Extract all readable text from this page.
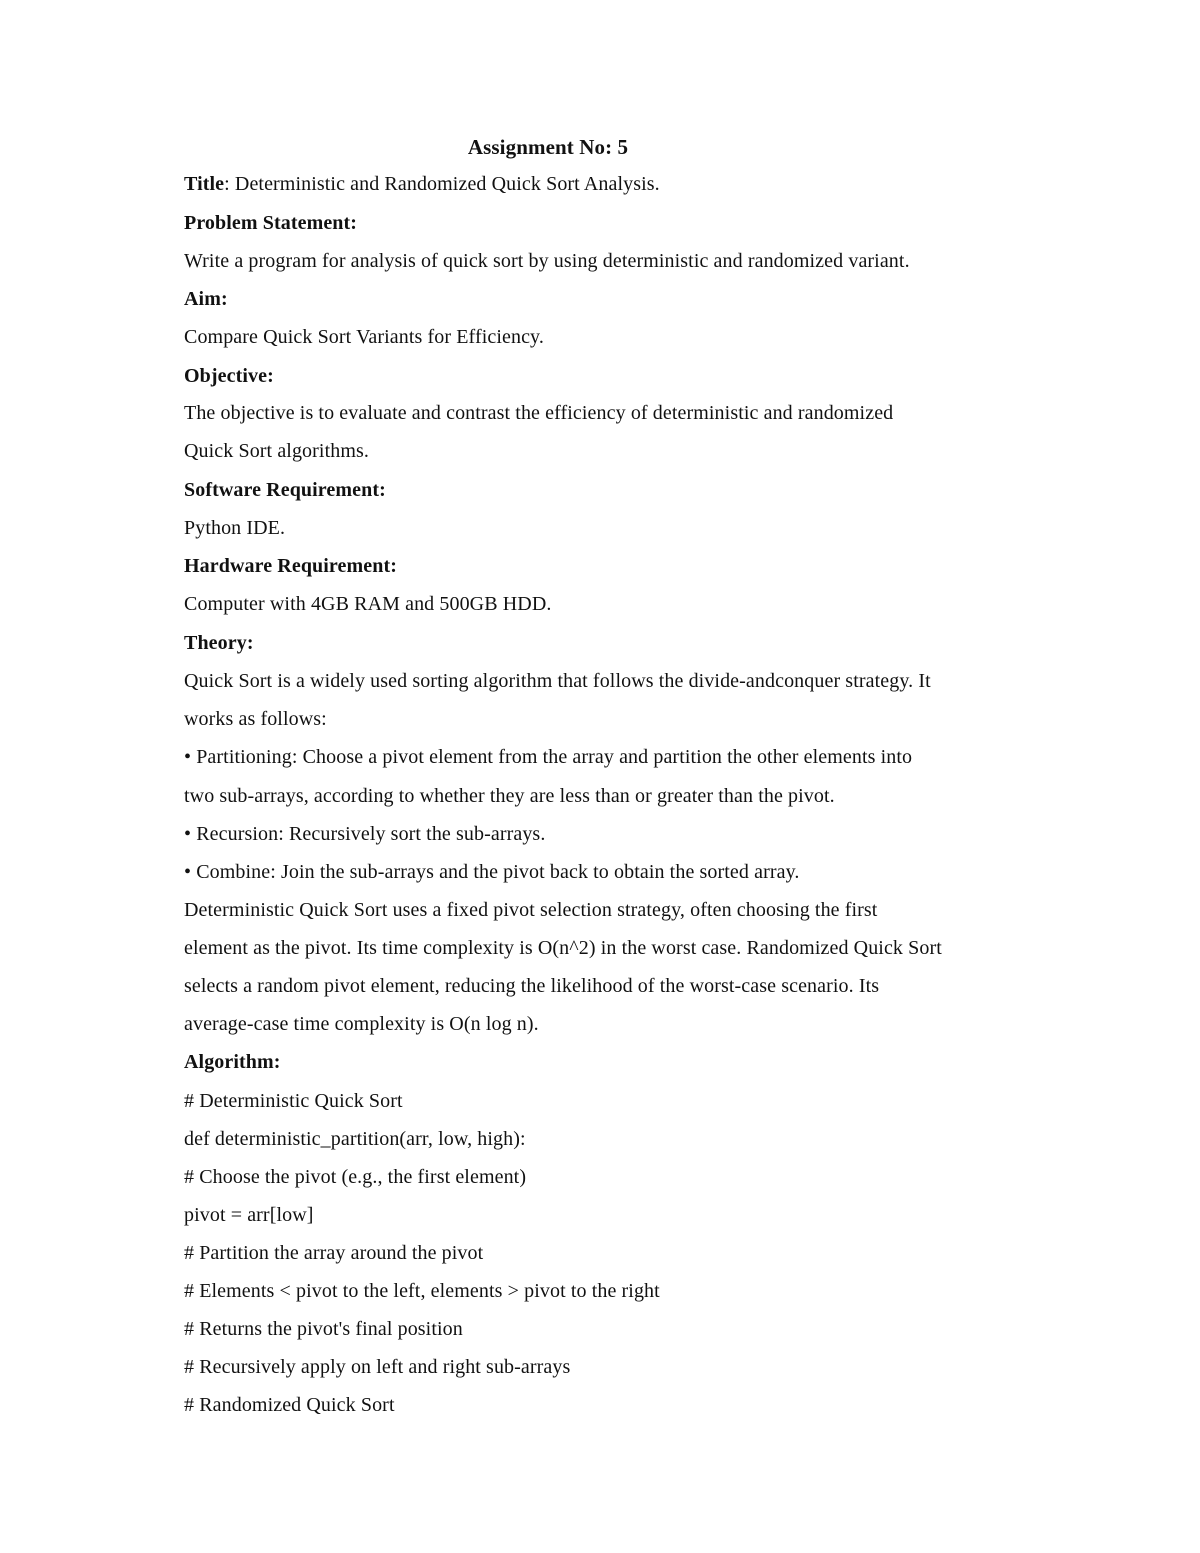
Assignment No: 5
Title: Deterministic and Randomized Quick Sort Analysis.
Problem Statement:
Write a program for analysis of quick sort by using deterministic and randomized variant.
Aim:
Compare Quick Sort Variants for Efficiency.
Objective:
The objective is to evaluate and contrast the efficiency of deterministic and randomized
Quick Sort algorithms.
Software Requirement:
Python IDE.
Hardware Requirement:
Computer with 4GB RAM and 500GB HDD.
Theory:
Quick Sort is a widely used sorting algorithm that follows the divide-andconquer strategy. It
works as follows:
• Partitioning: Choose a pivot element from the array and partition the other elements into
two sub-arrays, according to whether they are less than or greater than the pivot.
• Recursion: Recursively sort the sub-arrays.
• Combine: Join the sub-arrays and the pivot back to obtain the sorted array.
Deterministic Quick Sort uses a fixed pivot selection strategy, often choosing the first
element as the pivot. Its time complexity is O(n^2) in the worst case. Randomized Quick Sort
selects a random pivot element, reducing the likelihood of the worst-case scenario. Its
average-case time complexity is O(n log n).
Algorithm:
# Deterministic Quick Sort
def deterministic_partition(arr, low, high):
# Choose the pivot (e.g., the first element)
pivot = arr[low]
# Partition the array around the pivot
# Elements < pivot to the left, elements > pivot to the right
# Returns the pivot's final position
# Recursively apply on left and right sub-arrays
# Randomized Quick Sort
